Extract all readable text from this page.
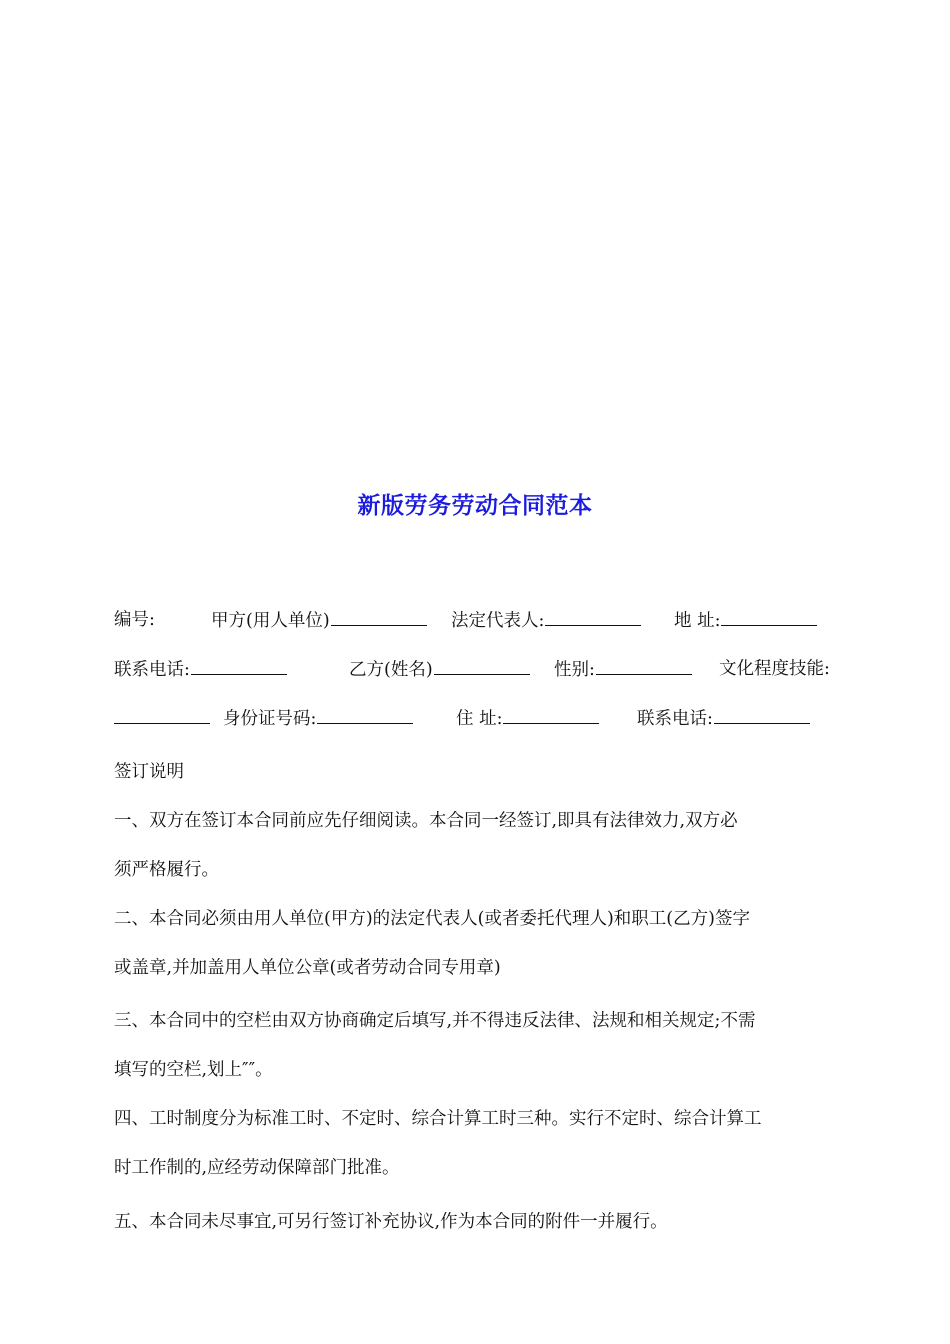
新版劳务劳动合同范本
编号:	甲方(用人单位)	法定代表人:	地 址:
联系电话:	乙方(姓名)	性别:	文化程度技能:
身份证号码:	住 址:	联系电话:
签订说明
一、双方在签订本合同前应先仔细阅读。本合同一经签订,即具有法律效力,双方必
须严格履行。
二、本合同必须由用人单位(甲方)的法定代表人(或者委托代理人)和职工(乙方)签字
或盖章,并加盖用人单位公章(或者劳动合同专用章)
三、本合同中的空栏由双方协商确定后填写,并不得违反法律、法规和相关规定;不需
填写的空栏,划上″″。
四、工时制度分为标准工时、不定时、综合计算工时三种。实行不定时、综合计算工
时工作制的,应经劳动保障部门批准。
五、本合同未尽事宜,可另行签订补充协议,作为本合同的附件一并履行。
